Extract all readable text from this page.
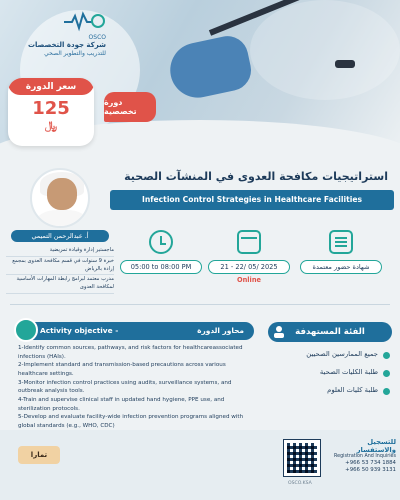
OSCO
شركة جودة التخصصات
للتدريب والتطوير الصحي
سعر الدورة
125
﷼
دورة تخصصية
استراتيجيات مكافحة العدوى في المنشآت الصحية
Infection Control Strategies in Healthcare Facilities
أ. عبدالرحمن التميمي
ماجستير إدارة وقيادة تمريضية
خبرة 9 سنوات في قسم مكافحة العدوى بمجمع إرادة بالرياض
مدرب معتمد لبرامج رابطة المهارات الأساسية لمكافحة العدوى
05:00 to 08:00 PM	21 - 22/ 05/ 2025
Online
شهادة حضور معتمدة
Activity objective -	محاور الدورة
1-Identify common sources, pathways, and risk factors for healthcareassociated infections (HAIs).
2-Implement standard and transmission-based precautions across various healthcare settings.
3-Monitor infection control practices using audits, surveillance systems, and outbreak analysis tools.
4-Train and supervise clinical staff in updated hand hygiene, PPE use, and sterilization protocols.
5-Develop and evaluate facility-wide infection prevention programs aligned with global standards (e.g., WHO, CDC)
الفئة المستهدفة
جميع الممارسين الصحيين
طلبة الكليات الصحية
طلبة كليات العلوم
تمارا
للتسجيل والاستفسار
Registration And Inquiries
+966 53 734 1884
+966 50 939 3131
OSCO.KSA
